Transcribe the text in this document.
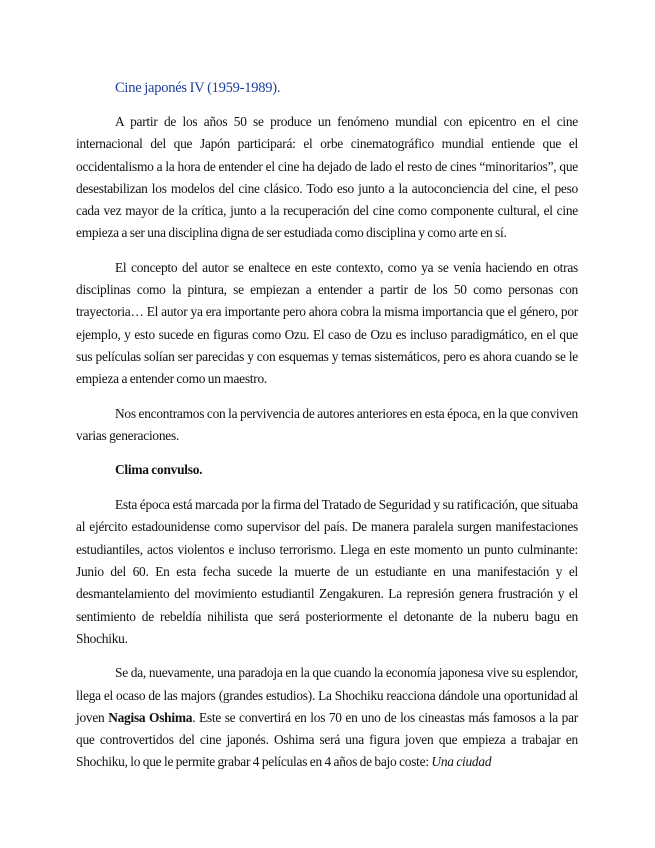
Cine japonés IV (1959-1989).

A partir de los años 50 se produce un fenómeno mundial con epicentro en el cine internacional del que Japón participará: el orbe cinematográfico mundial entiende que el occidentalismo a la hora de entender el cine ha dejado de lado el resto de cines “minoritarios”, que desestabilizan los modelos del cine clásico. Todo eso junto a la autoconciencia del cine, el peso cada vez mayor de la crítica, junto a la recuperación del cine como componente cultural, el cine empieza a ser una disciplina digna de ser estudiada como disciplina y como arte en sí.

El concepto del autor se enaltece en este contexto, como ya se venía haciendo en otras disciplinas como la pintura, se empiezan a entender a partir de los 50 como personas con trayectoria… El autor ya era importante pero ahora cobra la misma importancia que el género, por ejemplo, y esto sucede en figuras como Ozu. El caso de Ozu es incluso paradigmático, en el que sus películas solían ser parecidas y con esquemas y temas sistemáticos, pero es ahora cuando se le empieza a entender como un maestro.

Nos encontramos con la pervivencia de autores anteriores en esta época, en la que conviven varias generaciones.

Clima convulso.

Esta época está marcada por la firma del Tratado de Seguridad y su ratificación, que situaba al ejército estadounidense como supervisor del país. De manera paralela surgen manifestaciones estudiantiles, actos violentos e incluso terrorismo. Llega en este momento un punto culminante: Junio del 60. En esta fecha sucede la muerte de un estudiante en una manifestación y el desmantelamiento del movimiento estudiantil Zengakuren. La represión genera frustración y el sentimiento de rebeldía nihilista que será posteriormente el detonante de la nuberu bagu en Shochiku.

Se da, nuevamente, una paradoja en la que cuando la economía japonesa vive su esplendor, llega el ocaso de las majors (grandes estudios). La Shochiku reacciona dándole una oportunidad al joven Nagisa Oshima. Este se convertirá en los 70 en uno de los cineastas más famosos a la par que controvertidos del cine japonés. Oshima será una figura joven que empieza a trabajar en Shochiku, lo que le permite grabar 4 películas en 4 años de bajo coste: Una ciudad
